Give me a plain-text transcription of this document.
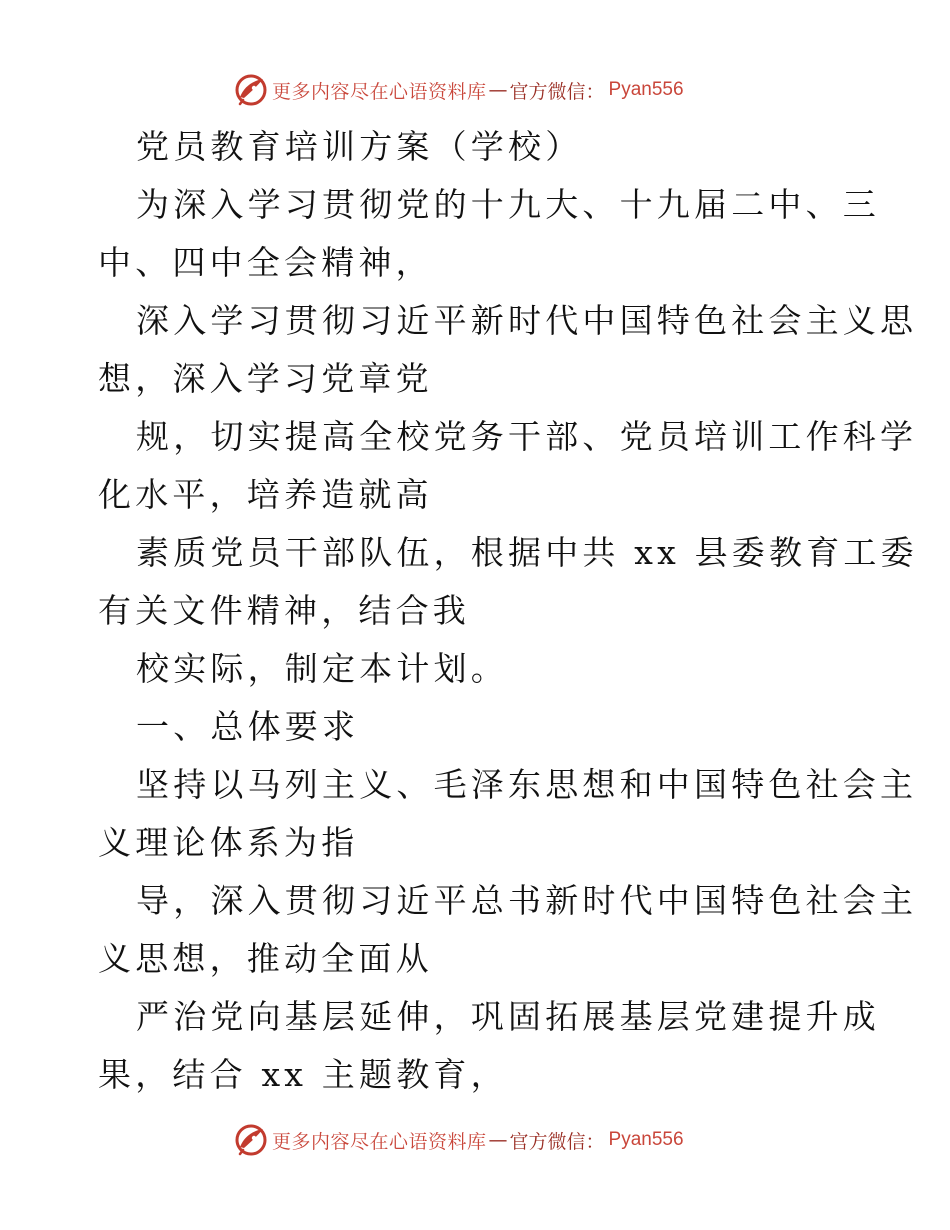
更多内容尽在心语资料库 — 官方微信： Pyan556
党员教育培训方案（学校）
为深入学习贯彻党的十九大、十九届二中、三
中、四中全会精神，
深入学习贯彻习近平新时代中国特色社会主义思
想，深入学习党章党
规，切实提高全校党务干部、党员培训工作科学
化水平，培养造就高
素质党员干部队伍，根据中共 xx 县委教育工委
有关文件精神，结合我
校实际，制定本计划。
一、总体要求
坚持以马列主义、毛泽东思想和中国特色社会主
义理论体系为指
导，深入贯彻习近平总书新时代中国特色社会主
义思想，推动全面从
严治党向基层延伸，巩固拓展基层党建提升成
果，结合 xx 主题教育，
更多内容尽在心语资料库 — 官方微信： Pyan556
